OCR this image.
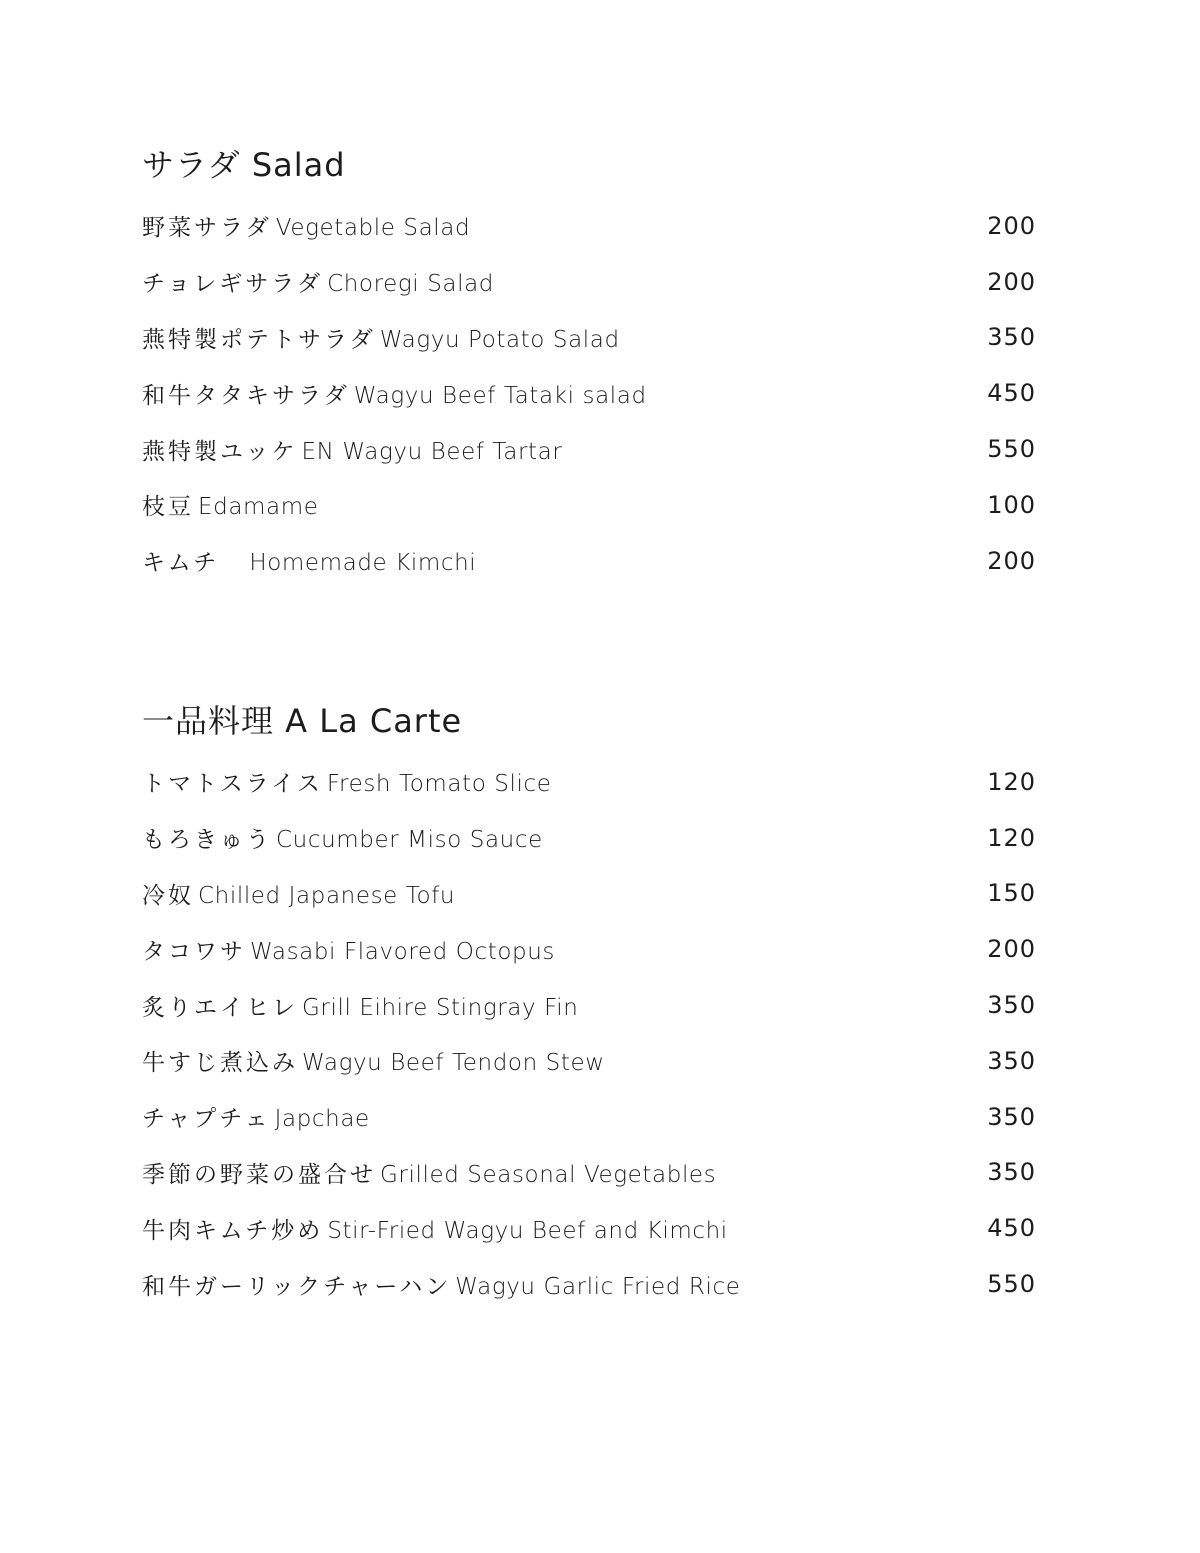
サラダ Salad
野菜サラダ Vegetable Salad	200
チョレギサラダ Choregi Salad	200
燕特製ポテトサラダ Wagyu Potato Salad	350
和牛タタキサラダ Wagyu Beef Tataki salad	450
燕特製ユッケ EN Wagyu Beef Tartar	550
枝豆 Edamame	100
キムチ　Homemade Kimchi	200
一品料理 A La Carte
トマトスライス Fresh Tomato Slice	120
もろきゅう Cucumber Miso Sauce	120
冷奴 Chilled Japanese Tofu	150
タコワサ Wasabi Flavored Octopus	200
炙りエイヒレ Grill Eihire Stingray Fin	350
牛すじ煮込み Wagyu Beef Tendon Stew	350
チャプチェ Japchae	350
季節の野菜の盛合せ Grilled Seasonal Vegetables	350
牛肉キムチ炒め Stir-Fried Wagyu Beef and Kimchi	450
和牛ガーリックチャーハン Wagyu Garlic Fried Rice	550
